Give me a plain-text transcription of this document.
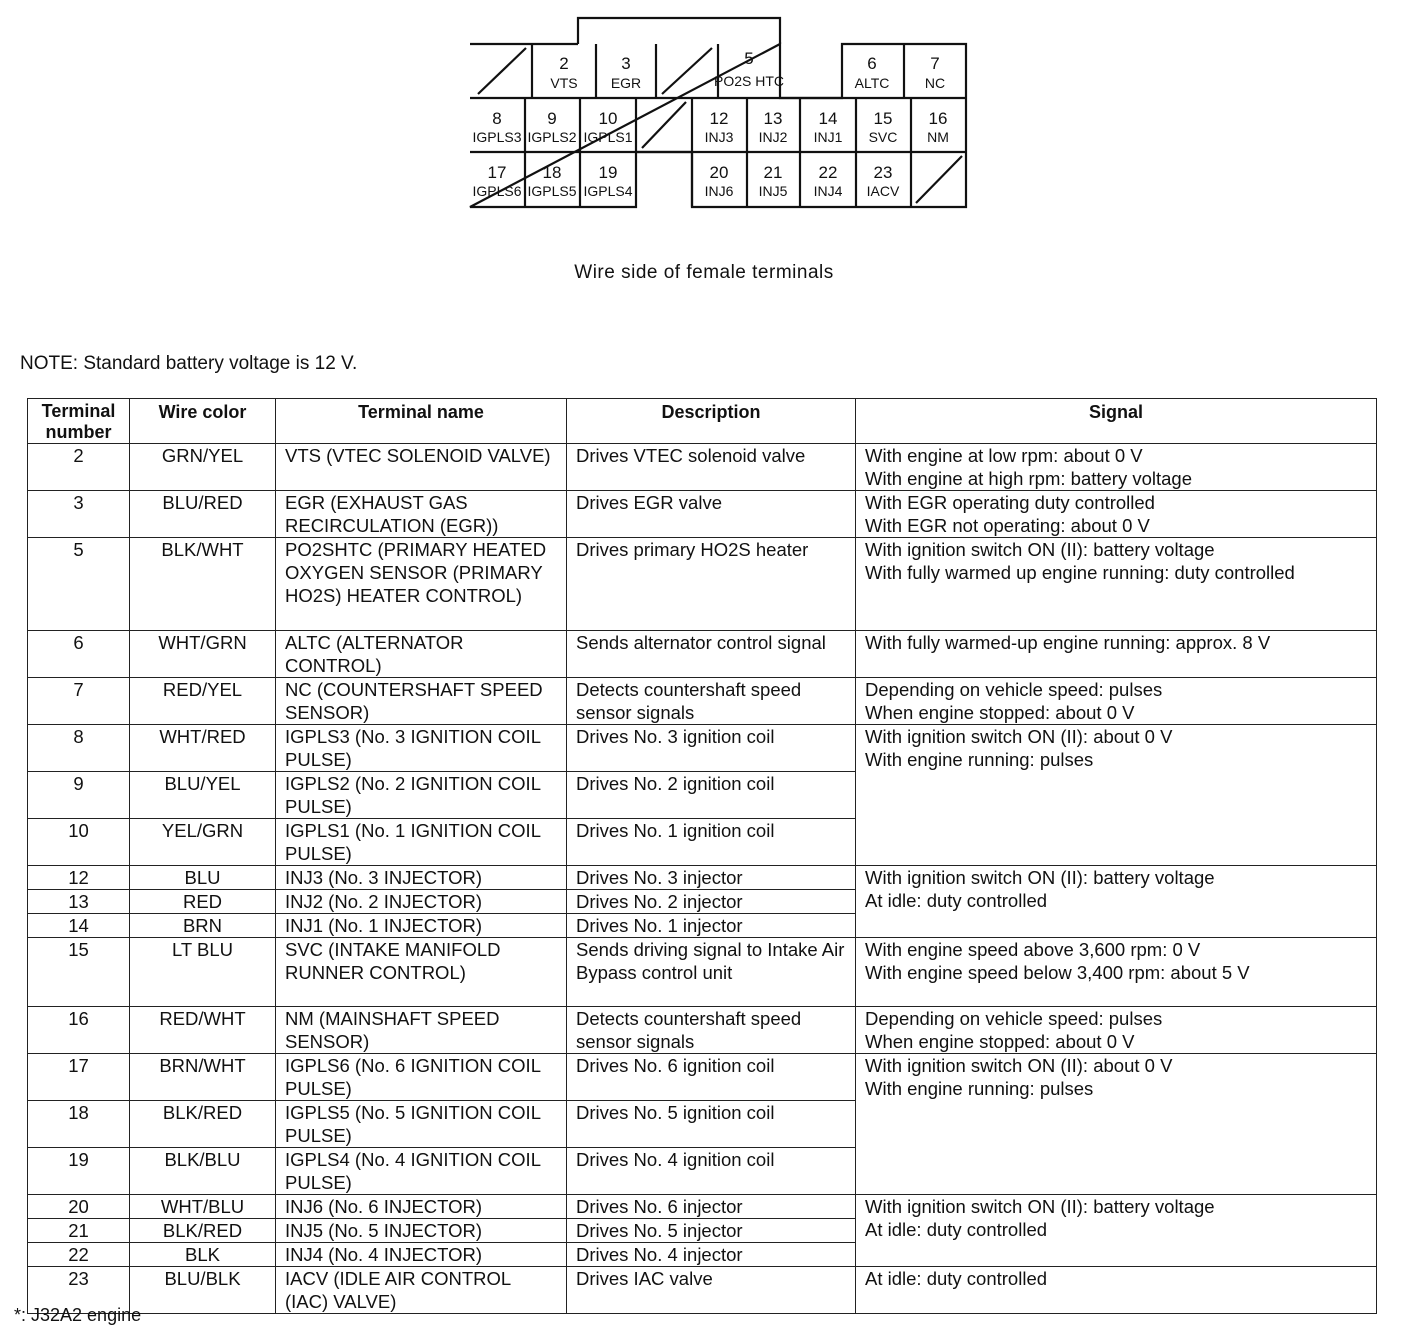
2
VTS
3
EGR
5
PO2S HTC
6
ALTC
7
NC
8
IGPLS3
9
IGPLS2
10
IGPLS1
12
INJ3
13
INJ2
14
INJ1
15
SVC
16
NM
17
IGPLS6
18
IGPLS5
19
IGPLS4
20
INJ6
21
INJ5
22
INJ4
23
IACV
Wire side of female terminals
NOTE: Standard battery voltage is 12 V.
Terminal number	Wire color	Terminal name	Description	Signal
2	GRN/YEL	VTS (VTEC SOLENOID VALVE)	Drives VTEC solenoid valve	With engine at low rpm: about 0 V
With engine at high rpm: battery voltage
3	BLU/RED	EGR (EXHAUST GAS RECIRCULATION (EGR))	Drives EGR valve	With EGR operating duty controlled
With EGR not operating: about 0 V
5	BLK/WHT	PO2SHTC (PRIMARY HEATED OXYGEN SENSOR (PRIMARY HO2S) HEATER CONTROL)	Drives primary HO2S heater	With ignition switch ON (II): battery voltage
With fully warmed up engine running: duty controlled
6	WHT/GRN	ALTC (ALTERNATOR CONTROL)	Sends alternator control signal	With fully warmed-up engine running: approx. 8 V
7	RED/YEL	NC (COUNTERSHAFT SPEED SENSOR)	Detects countershaft speed sensor signals	Depending on vehicle speed: pulses
When engine stopped: about 0 V
8	WHT/RED	IGPLS3 (No. 3 IGNITION COIL PULSE)	Drives No. 3 ignition coil	With ignition switch ON (II): about 0 V
With engine running: pulses
9	BLU/YEL	IGPLS2 (No. 2 IGNITION COIL PULSE)	Drives No. 2 ignition coil	
10	YEL/GRN	IGPLS1 (No. 1 IGNITION COIL PULSE)	Drives No. 1 ignition coil	
12	BLU	INJ3 (No. 3 INJECTOR)	Drives No. 3 injector	With ignition switch ON (II): battery voltage
At idle: duty controlled
13	RED	INJ2 (No. 2 INJECTOR)	Drives No. 2 injector	
14	BRN	INJ1 (No. 1 INJECTOR)	Drives No. 1 injector	
15	LT BLU	SVC (INTAKE MANIFOLD RUNNER CONTROL)	Sends driving signal to Intake Air Bypass control unit	With engine speed above 3,600 rpm: 0 V
With engine speed below 3,400 rpm: about 5 V
16	RED/WHT	NM (MAINSHAFT SPEED SENSOR)	Detects countershaft speed sensor signals	Depending on vehicle speed: pulses
When engine stopped: about 0 V
17	BRN/WHT	IGPLS6 (No. 6 IGNITION COIL PULSE)	Drives No. 6 ignition coil	With ignition switch ON (II): about 0 V
With engine running: pulses
18	BLK/RED	IGPLS5 (No. 5 IGNITION COIL PULSE)	Drives No. 5 ignition coil	
19	BLK/BLU	IGPLS4 (No. 4 IGNITION COIL PULSE)	Drives No. 4 ignition coil	
20	WHT/BLU	INJ6 (No. 6 INJECTOR)	Drives No. 6 injector	With ignition switch ON (II): battery voltage
At idle: duty controlled
21	BLK/RED	INJ5 (No. 5 INJECTOR)	Drives No. 5 injector	
22	BLK	INJ4 (No. 4 INJECTOR)	Drives No. 4 injector	
23	BLU/BLK	IACV (IDLE AIR CONTROL (IAC) VALVE)	Drives IAC valve	At idle: duty controlled
*: J32A2 engine
